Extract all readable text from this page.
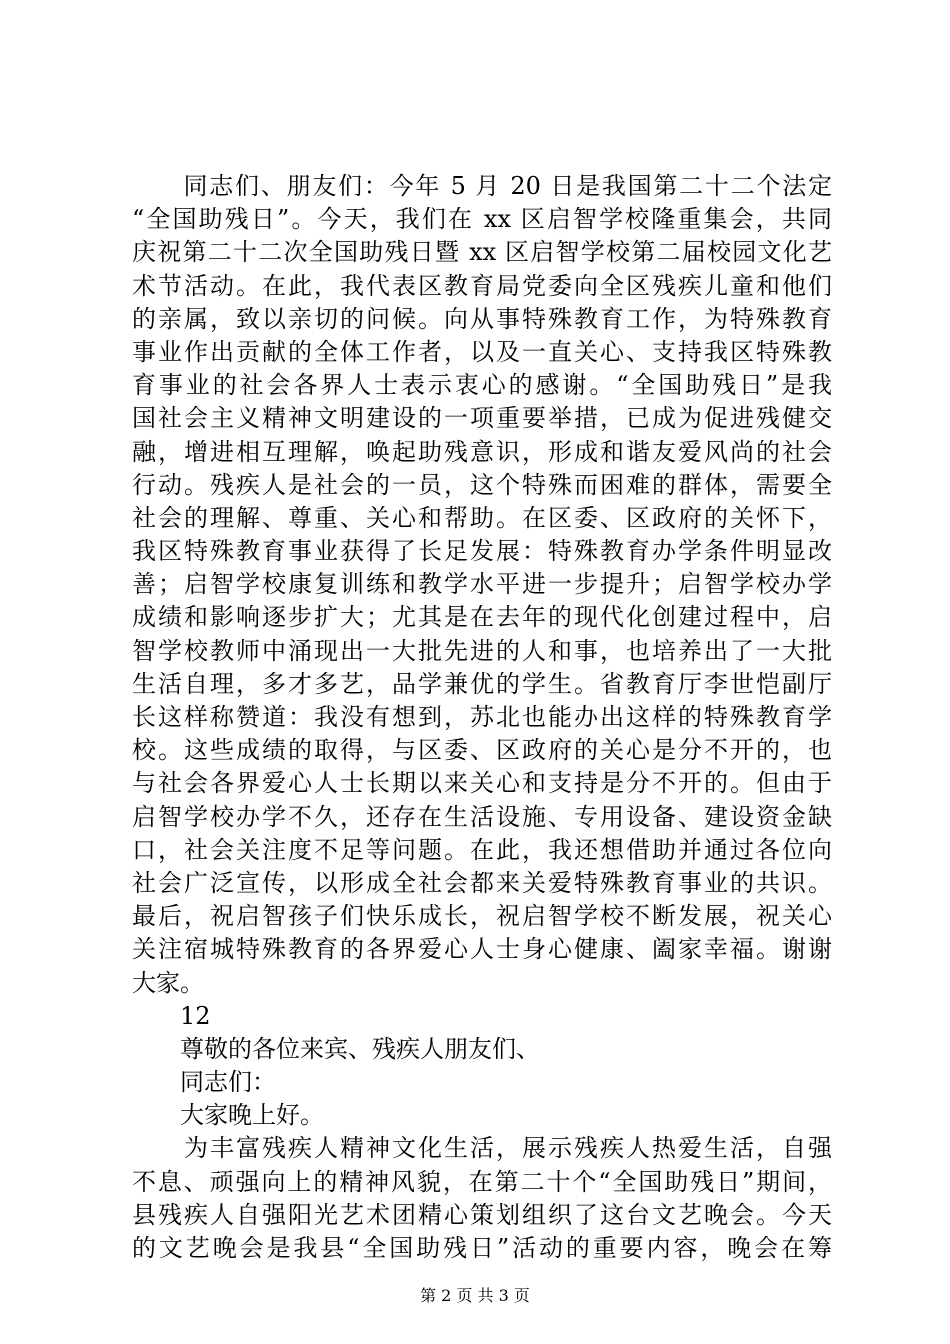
　　同志们、朋友们：今年 5 月 20 日是我国第二十二个法定
“全国助残日”。今天，我们在 xx 区启智学校隆重集会，共同
庆祝第二十二次全国助残日暨 xx 区启智学校第二届校园文化艺
术节活动。在此，我代表区教育局党委向全区残疾儿童和他们
的亲属，致以亲切的问候。向从事特殊教育工作，为特殊教育
事业作出贡献的全体工作者，以及一直关心、支持我区特殊教
育事业的社会各界人士表示衷心的感谢。“全国助残日”是我
国社会主义精神文明建设的一项重要举措，已成为促进残健交
融，增进相互理解，唤起助残意识，形成和谐友爱风尚的社会
行动。残疾人是社会的一员，这个特殊而困难的群体，需要全
社会的理解、尊重、关心和帮助。在区委、区政府的关怀下，
我区特殊教育事业获得了长足发展：特殊教育办学条件明显改
善；启智学校康复训练和教学水平进一步提升；启智学校办学
成绩和影响逐步扩大；尤其是在去年的现代化创建过程中，启
智学校教师中涌现出一大批先进的人和事，也培养出了一大批
生活自理，多才多艺，品学兼优的学生。省教育厅李世恺副厅
长这样称赞道：我没有想到，苏北也能办出这样的特殊教育学
校。这些成绩的取得，与区委、区政府的关心是分不开的，也
与社会各界爱心人士长期以来关心和支持是分不开的。但由于
启智学校办学不久，还存在生活设施、专用设备、建设资金缺
口，社会关注度不足等问题。在此，我还想借助并通过各位向
社会广泛宣传，以形成全社会都来关爱特殊教育事业的共识。
最后，祝启智孩子们快乐成长，祝启智学校不断发展，祝关心
关注宿城特殊教育的各界爱心人士身心健康、阖家幸福。谢谢
大家。
　　12
　　尊敬的各位来宾、残疾人朋友们、
　　同志们：
　　大家晚上好。
　　为丰富残疾人精神文化生活，展示残疾人热爱生活，自强
不息、顽强向上的精神风貌，在第二十个“全国助残日”期间，
县残疾人自强阳光艺术团精心策划组织了这台文艺晚会。今天
的文艺晚会是我县“全国助残日”活动的重要内容，晚会在筹
第 2 页 共 3 页
